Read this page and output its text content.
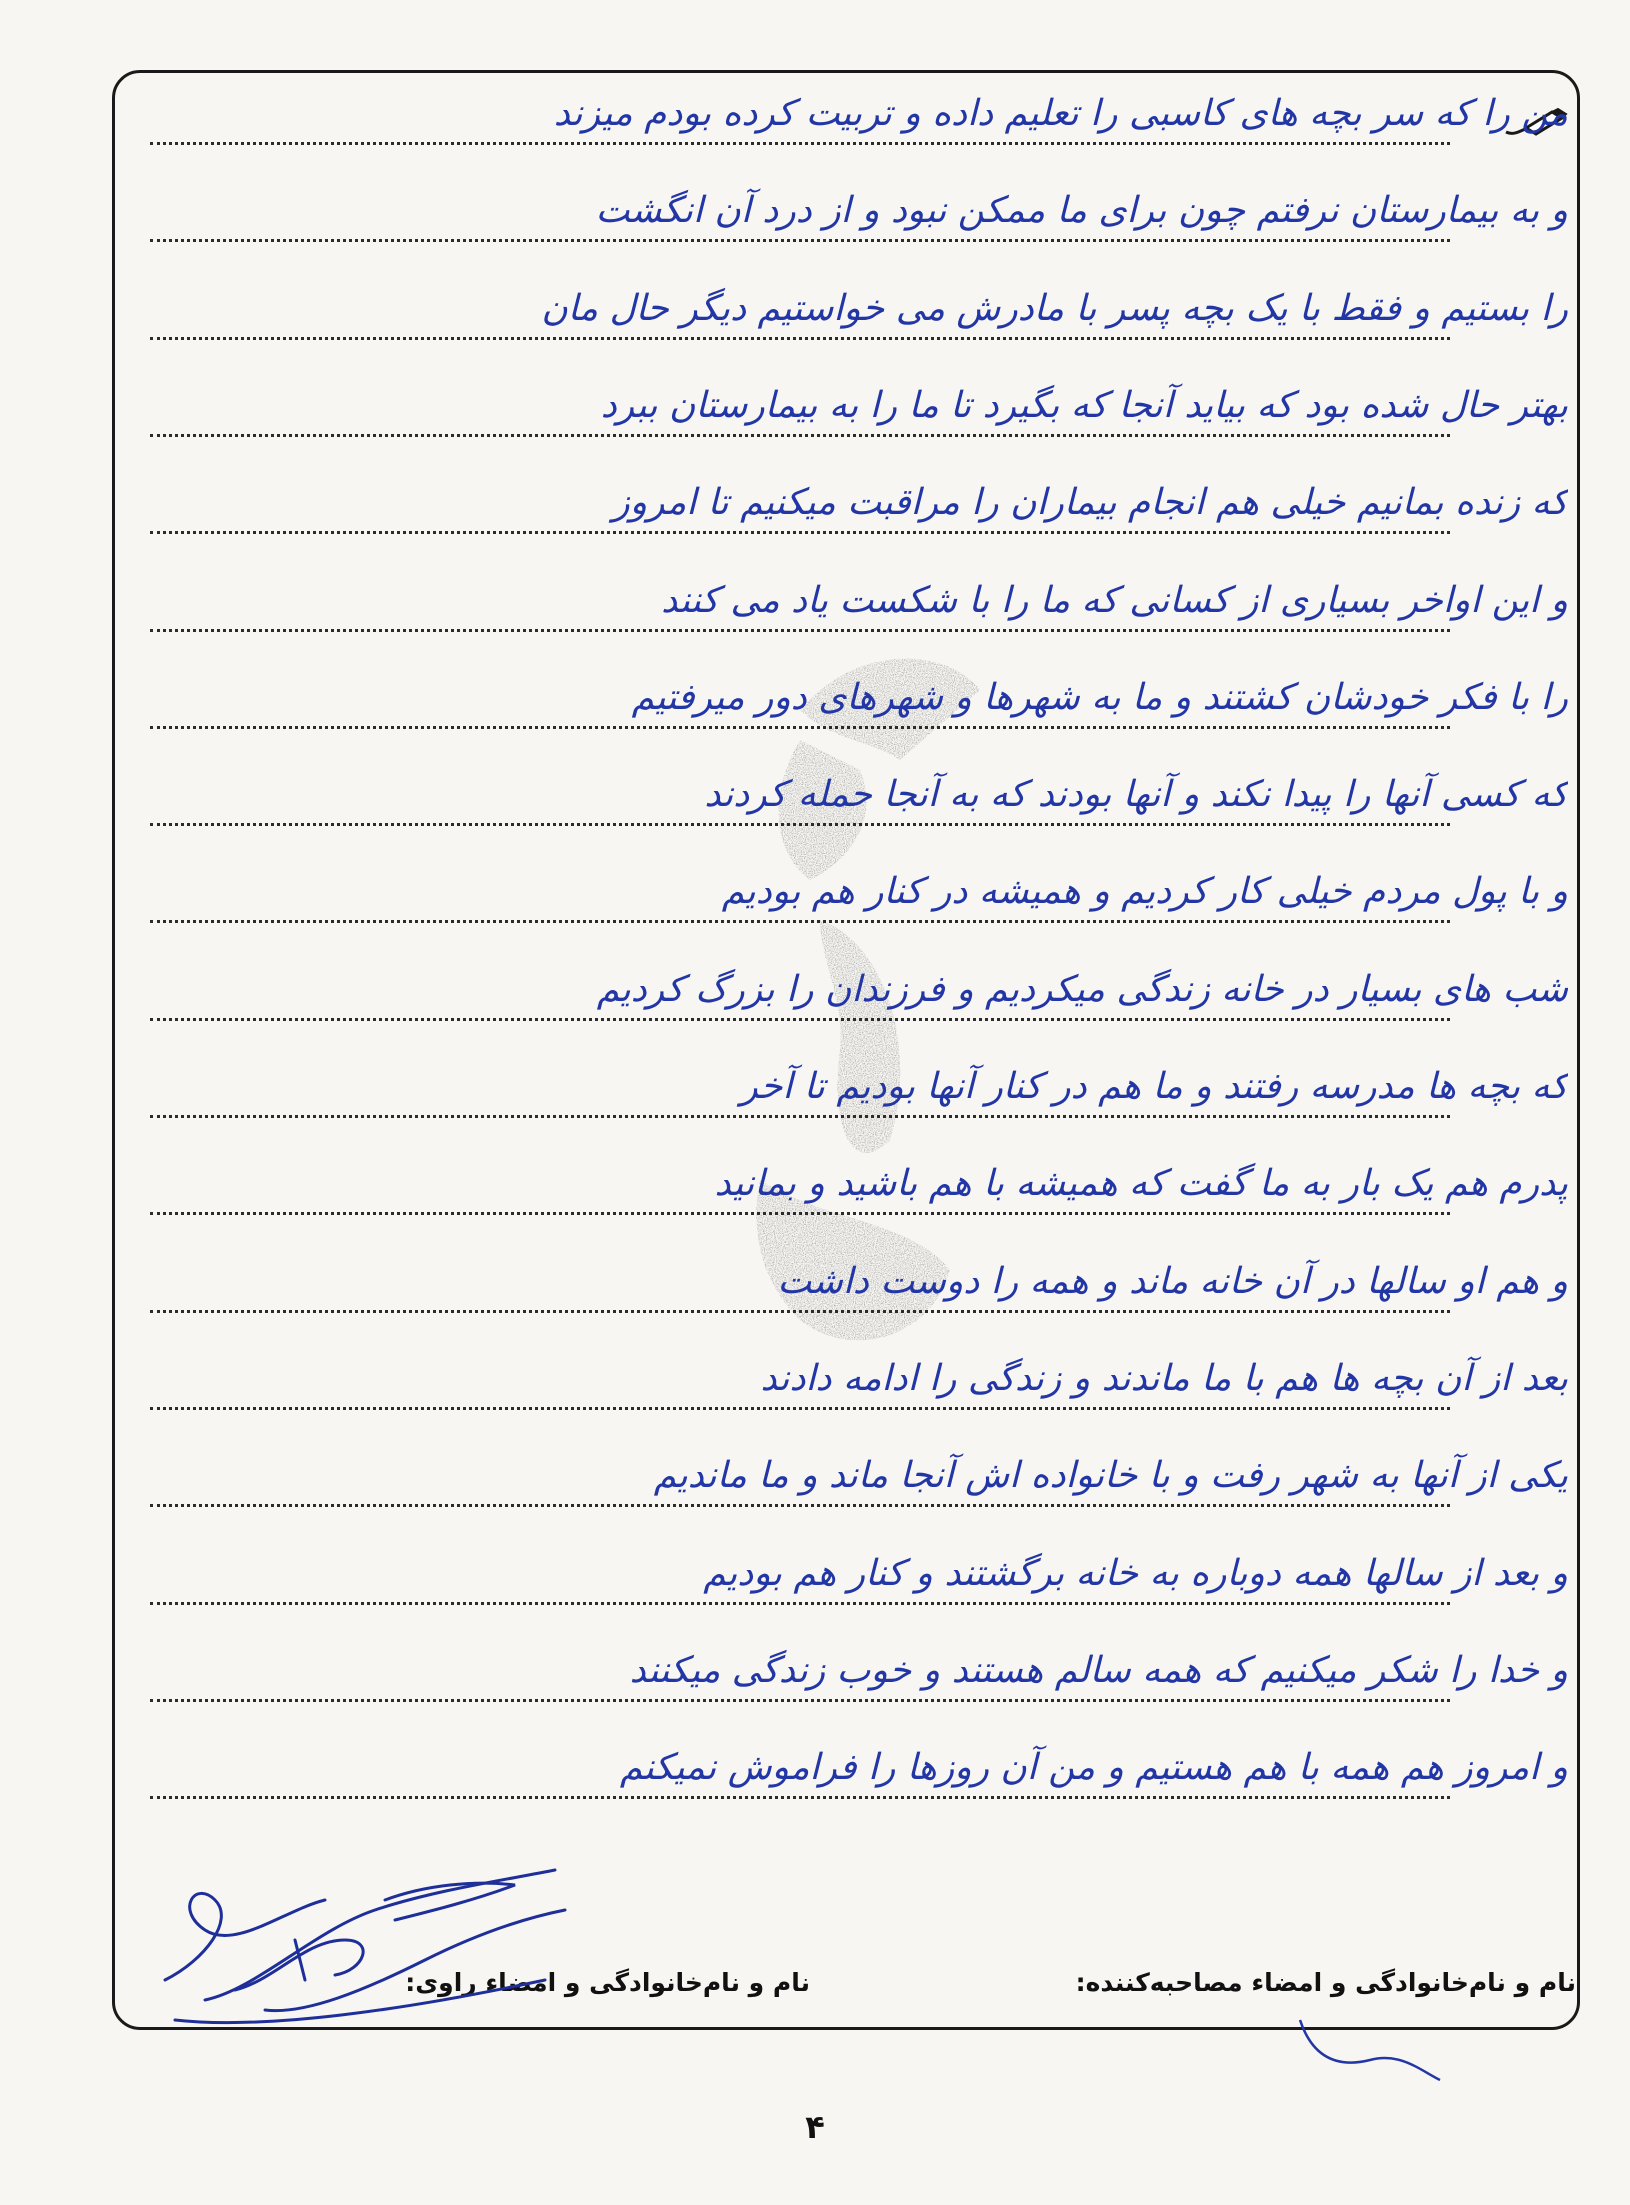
من را که سر بچه های کاسبی را تعلیم داده و تربیت کرده بودم میزند
و به بیمارستان نرفتم چون برای ما ممکن نبود و از درد آن انگشت
را بستیم و فقط با یک بچه پسر با مادرش می خواستیم دیگر حال مان
بهتر حال شده بود که بیاید آنجا که بگیرد تا ما را به بیمارستان ببرد
که زنده بمانیم خیلی هم انجام بیماران را مراقبت میکنیم تا امروز
و این اواخر بسیاری از کسانی که ما را با شکست یاد می کنند
را با فکر خودشان کشتند و ما به شهرها و شهرهای دور میرفتیم
که کسی آنها را پیدا نکند و آنها بودند که به آنجا حمله کردند
و با پول مردم خیلی کار کردیم و همیشه در کنار هم بودیم
شب های بسیار در خانه زندگی میکردیم و فرزندان را بزرگ کردیم
که بچه ها مدرسه رفتند و ما هم در کنار آنها بودیم تا آخر
پدرم هم یک بار به ما گفت که همیشه با هم باشید و بمانید
و هم او سالها در آن خانه ماند و همه را دوست داشت
بعد از آن بچه ها هم با ما ماندند و زندگی را ادامه دادند
یکی از آنها به شهر رفت و با خانواده اش آنجا ماند و ما ماندیم
و بعد از سالها همه دوباره به خانه برگشتند و کنار هم بودیم
و خدا را شکر میکنیم که همه سالم هستند و خوب زندگی میکنند
و امروز هم همه با هم هستیم و من آن روزها را فراموش نمیکنم
نام و نام‌خانوادگی و امضاء مصاحبه‌کننده:
نام و نام‌خانوادگی و امضاء راوی:
۴
